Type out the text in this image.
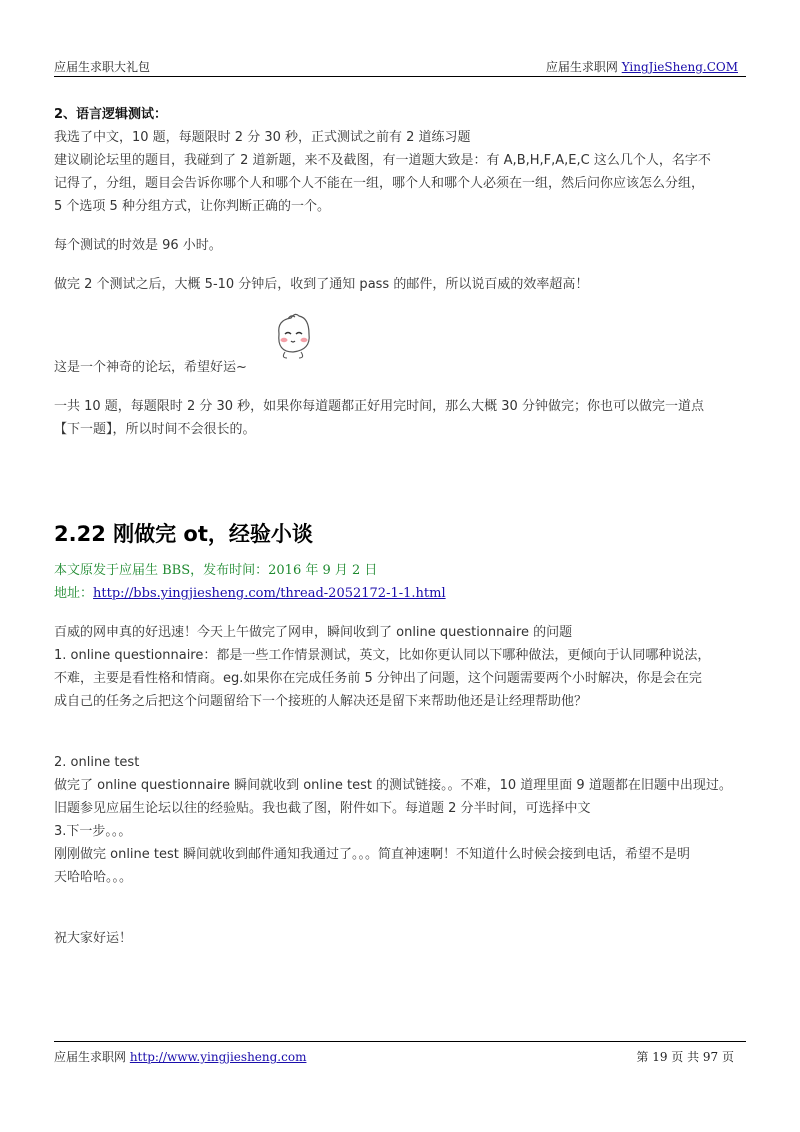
应届生求职大礼包	应届生求职网 YingJieSheng.COM

2、语言逻辑测试：

我选了中文，10 题，每题限时 2 分 30 秒，正式测试之前有 2 道练习题

建议刷论坛里的题目，我碰到了 2 道新题，来不及截图，有一道题大致是：有 A,B,H,F,A,E,C 这么几个人，名字不

记得了，分组，题目会告诉你哪个人和哪个人不能在一组，哪个人和哪个人必须在一组，然后问你应该怎么分组，

5 个选项 5 种分组方式，让你判断正确的一个。

每个测试的时效是 96 小时。

做完 2 个测试之后，大概 5-10 分钟后，收到了通知 pass 的邮件，所以说百威的效率超高！

这是一个神奇的论坛，希望好运~

一共 10 题，每题限时 2 分 30 秒，如果你每道题都正好用完时间，那么大概 30 分钟做完；你也可以做完一道点

【下一题】，所以时间不会很长的。

2.22 刚做完 ot，经验小谈

本文原发于应届生 BBS，发布时间：2016 年 9 月 2 日

地址：http://bbs.yingjiesheng.com/thread-2052172-1-1.html

百威的网申真的好迅速！今天上午做完了网申，瞬间收到了 online questionnaire 的问题

1. online questionnaire：都是一些工作情景测试，英文，比如你更认同以下哪种做法，更倾向于认同哪种说法，

不难，主要是看性格和情商。eg.如果你在完成任务前 5 分钟出了问题，这个问题需要两个小时解决，你是会在完

成自己的任务之后把这个问题留给下一个接班的人解决还是留下来帮助他还是让经理帮助他？

2. online test

做完了 online questionnaire 瞬间就收到 online test 的测试链接。。不难，10 道理里面 9 道题都在旧题中出现过。

旧题参见应届生论坛以往的经验贴。我也截了图，附件如下。每道题 2 分半时间，可选择中文

3.下一步。。。

刚刚做完 online test 瞬间就收到邮件通知我通过了。。。简直神速啊！不知道什么时候会接到电话，希望不是明

天哈哈哈。。。

祝大家好运！

应届生求职网 http://www.yingjiesheng.com	第 19 页 共 97 页
